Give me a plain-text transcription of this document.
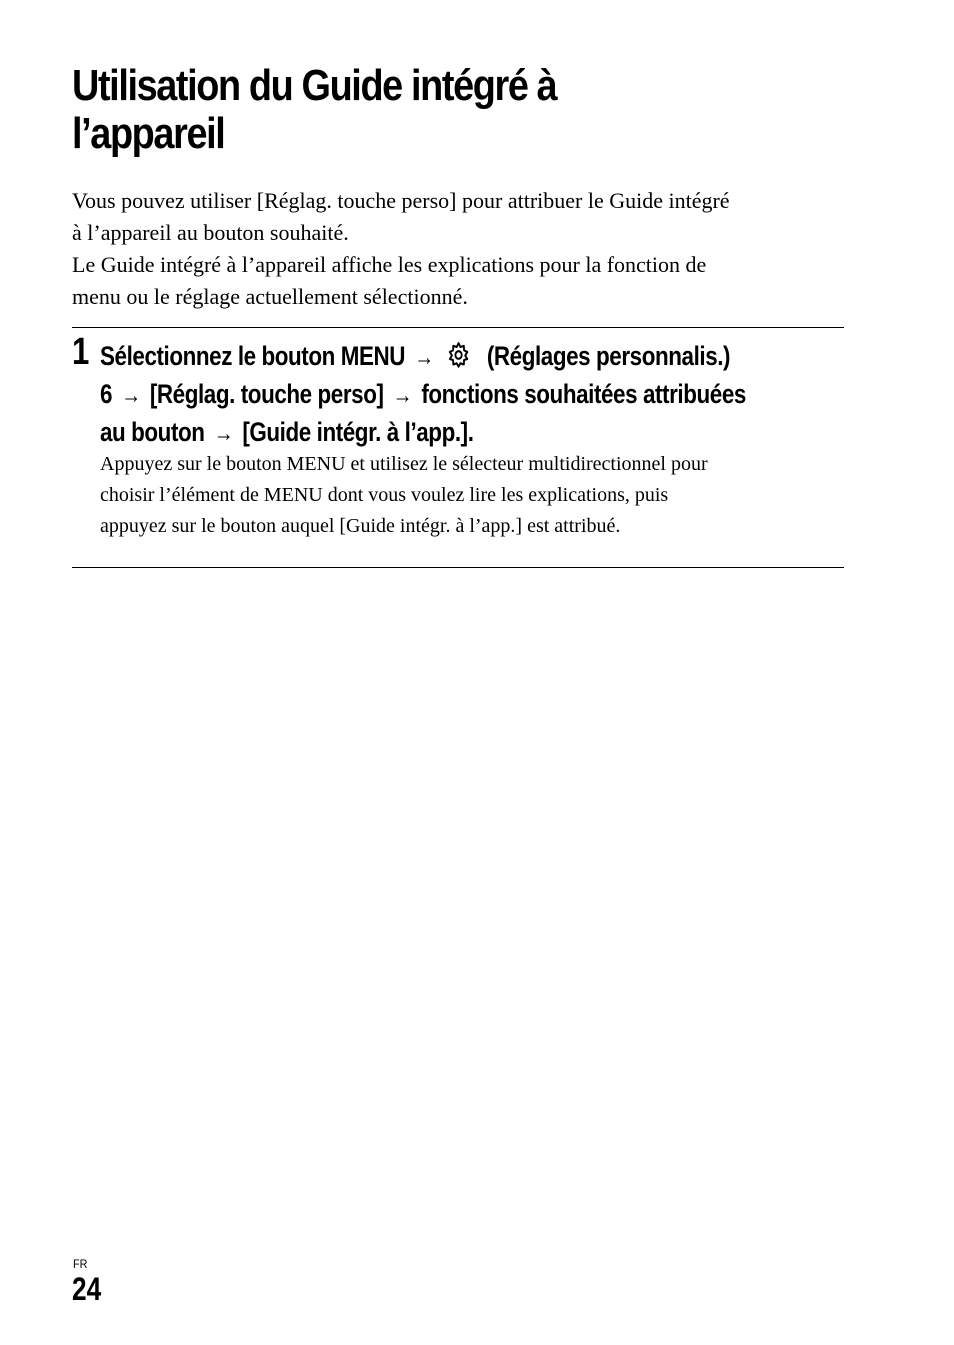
Utilisation du Guide intégré à
l’appareil

Vous pouvez utiliser [Réglag. touche perso] pour attribuer le Guide intégré

à l’appareil au bouton souhaité.

Le Guide intégré à l’appareil affiche les explications pour la fonction de

menu ou le réglage actuellement sélectionné.

1 Sélectionnez le bouton MENU → (Réglages personnalis.)
6 → [Réglag. touche perso] → fonctions souhaitées attribuées
au bouton → [Guide intégr. à l’app.].

Appuyez sur le bouton MENU et utilisez le sélecteur multidirectionnel pour

choisir l’élément de MENU dont vous voulez lire les explications, puis

appuyez sur le bouton auquel [Guide intégr. à l’app.] est attribué.

FR
24
